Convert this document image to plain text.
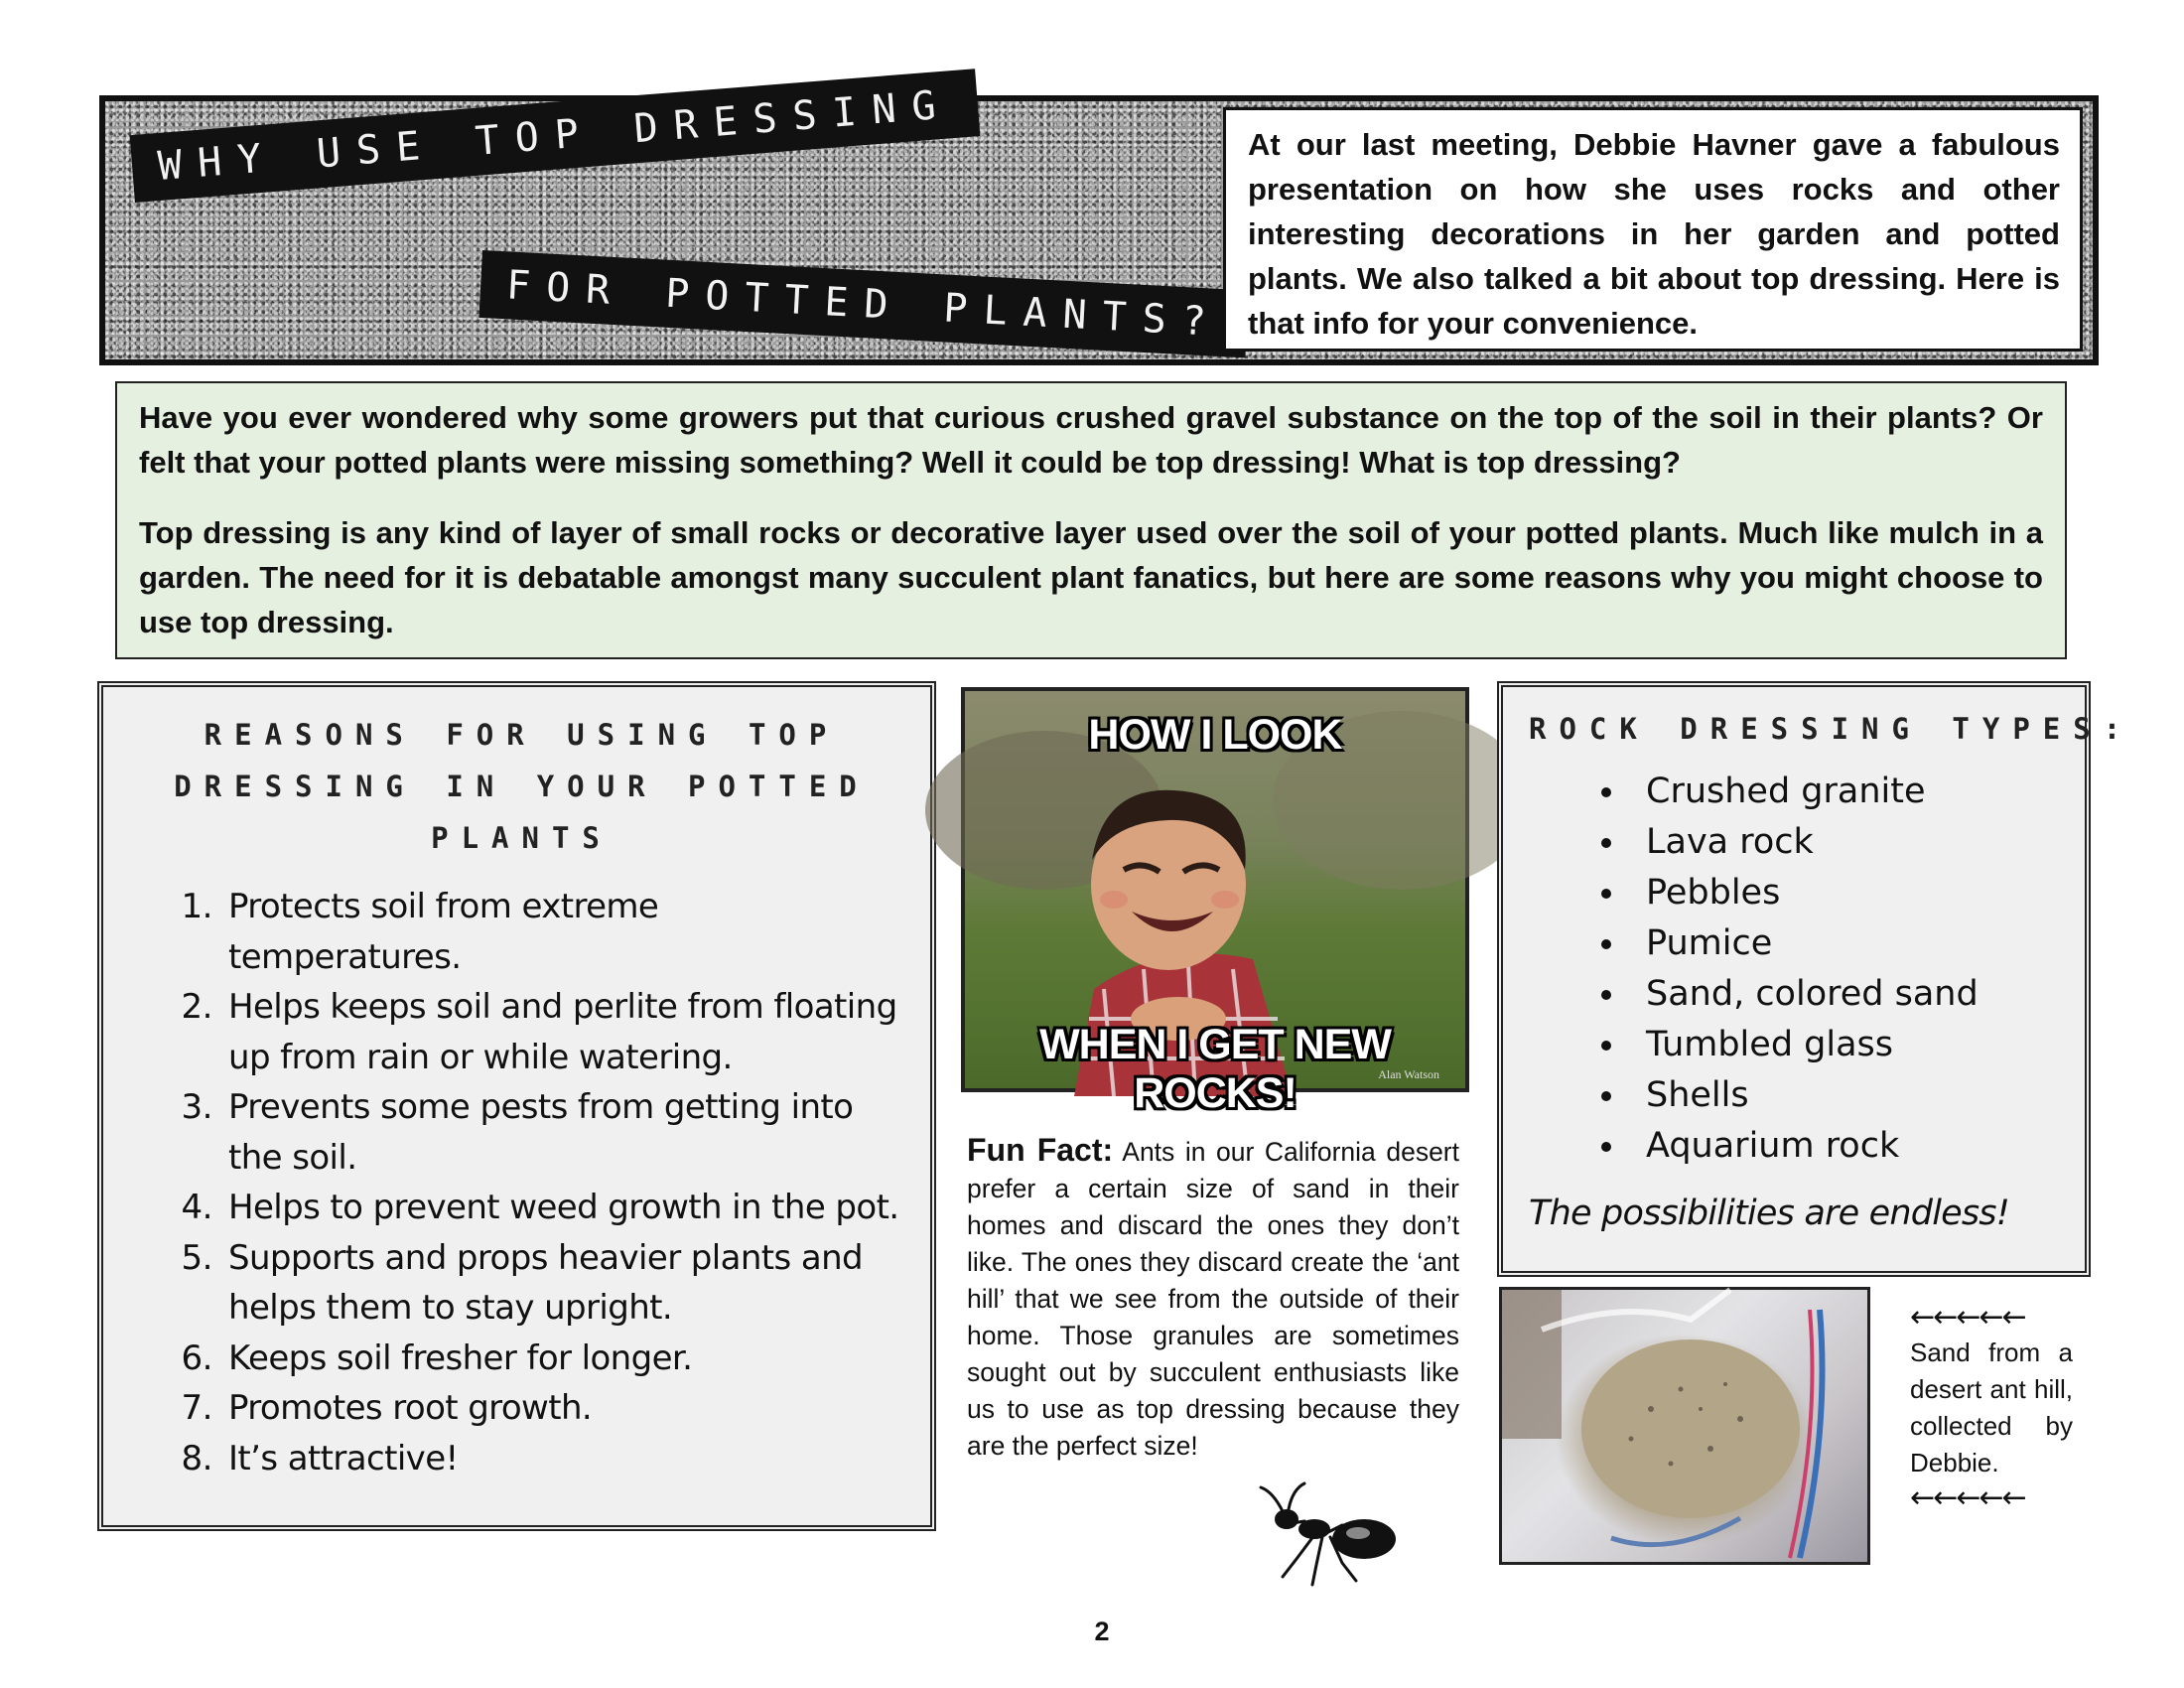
WHY USE TOP DRESSING
FOR POTTED PLANTS?
At our last meeting, Debbie Havner gave a fabulous presentation on how she uses rocks and other interesting decorations in her garden and potted plants. We also talked a bit about top dressing. Here is that info for your convenience.

Have you ever wondered why some growers put that curious crushed gravel substance on the top of the soil in their plants? Or felt that your potted plants were missing something? Well it could be top dressing! What is top dressing?

Top dressing is any kind of layer of small rocks or decorative layer used over the soil of your potted plants. Much like mulch in a garden. The need for it is debatable amongst many succulent plant fanatics, but here are some reasons why you might choose to use top dressing.

REASONS FOR USING TOP DRESSING IN YOUR POTTED PLANTS
1. Protects soil from extreme temperatures.
2. Helps keeps soil and perlite from floating up from rain or while watering.
3. Prevents some pests from getting into the soil.
4. Helps to prevent weed growth in the pot.
5. Supports and props heavier plants and helps them to stay upright.
6. Keeps soil fresher for longer.
7. Promotes root growth.
8. It’s attractive!
HOW I LOOK
WHEN I GET NEW ROCKS!	Alan Watson
Fun Fact: Ants in our California desert prefer a certain size of sand in their homes and discard the ones they don’t like. The ones they discard create the ‘ant hill’ that we see from the outside of their home. Those granules are sometimes sought out by succulent enthusiasts like us to use as top dressing because they are the perfect size!
ROCK DRESSING TYPES:
• Crushed granite
• Lava rock
• Pebbles
• Pumice
• Sand, colored sand
• Tumbled glass
• Shells
• Aquarium rock
The possibilities are endless!
←←←←←
Sand from a desert ant hill, collected by Debbie.
←←←←←
2
